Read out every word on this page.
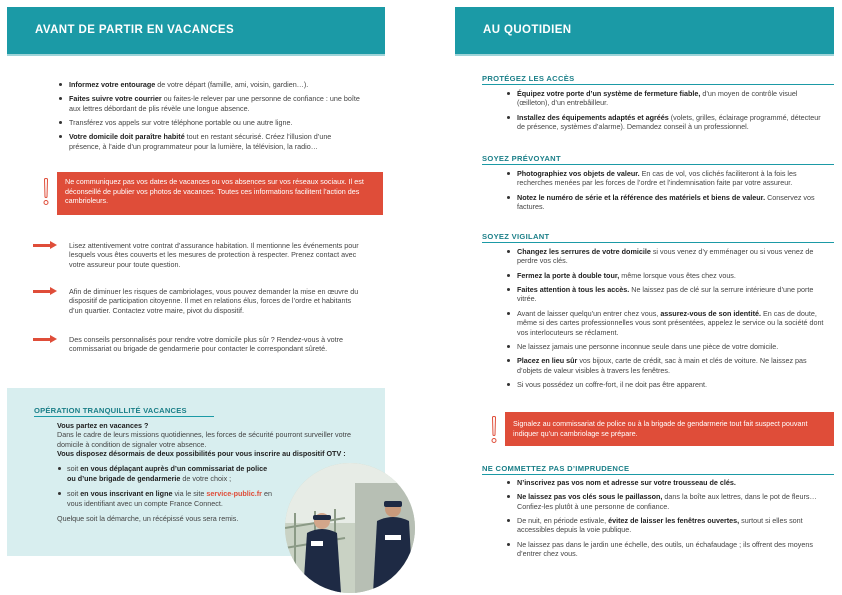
AVANT DE PARTIR EN VACANCES
Informez votre entourage de votre départ (famille, ami, voisin, gardien…).
Faites suivre votre courrier ou faites-le relever par une personne de confiance : une boîte aux lettres débordant de plis révèle une longue absence.
Transférez vos appels sur votre téléphone portable ou une autre ligne.
Votre domicile doit paraître habité tout en restant sécurisé. Créez l’illusion d’une présence, à l’aide d’un programmateur pour la lumière, la télévision, la radio…
Ne communiquez pas vos dates de vacances ou vos absences sur vos réseaux sociaux. Il est déconseillé de publier vos photos de vacances. Toutes ces informations facilitent l’action des cambrioleurs.
Lisez attentivement votre contrat d’assurance habitation. Il mentionne les événements pour lesquels vous êtes couverts et les mesures de protection à respecter. Prenez contact avec votre assureur pour toute question.
Afin de diminuer les risques de cambriolages, vous pouvez demander la mise en œuvre du dispositif de participation citoyenne. Il met en relations élus, forces de l’ordre et habitants d’un quartier. Contactez votre maire, pivot du dispositif.
Des conseils personnalisés pour rendre votre domicile plus sûr ? Rendez-vous à votre commissariat ou brigade de gendarmerie pour contacter le correspondant sûreté.
OPÉRATION TRANQUILLITÉ VACANCES

Vous partez en vacances ?

Dans le cadre de leurs missions quotidiennes, les forces de sécurité pourront surveiller votre domicile à condition de signaler votre absence.

Vous disposez désormais de deux possibilités pour vous inscrire au dispositif OTV :

soit en vous déplaçant auprès d’un commissariat de police ou d’une brigade de gendarmerie de votre choix ;
soit en vous inscrivant en ligne via le site service-public.fr en vous identifiant avec un compte France Connect.

Quelque soit la démarche, un récépissé vous sera remis.

AU QUOTIDIEN
PROTÉGEZ LES ACCÈS
Équipez votre porte d’un système de fermeture fiable, d’un moyen de contrôle visuel (œilleton), d’un entrebâilleur.
Installez des équipements adaptés et agréés (volets, grilles, éclairage programmé, détecteur de présence, systèmes d’alarme). Demandez conseil à un professionnel.
SOYEZ PRÉVOYANT
Photographiez vos objets de valeur. En cas de vol, vos clichés faciliteront à la fois les recherches menées par les forces de l’ordre et l’indemnisation faite par votre assureur.
Notez le numéro de série et la référence des matériels et biens de valeur. Conservez vos factures.
SOYEZ VIGILANT
Changez les serrures de votre domicile si vous venez d’y emménager ou si vous venez de perdre vos clés.
Fermez la porte à double tour, même lorsque vous êtes chez vous.
Faites attention à tous les accès. Ne laissez pas de clé sur la serrure intérieure d’une porte vitrée.
Avant de laisser quelqu’un entrer chez vous, assurez-vous de son identité. En cas de doute, même si des cartes professionnelles vous sont présentées, appelez le service ou la société dont vos interlocuteurs se réclament.
Ne laissez jamais une personne inconnue seule dans une pièce de votre domicile.
Placez en lieu sûr vos bijoux, carte de crédit, sac à main et clés de voiture. Ne laissez pas d’objets de valeur visibles à travers les fenêtres.
Si vous possédez un coffre-fort, il ne doit pas être apparent.
Signalez au commissariat de police ou à la brigade de gendarmerie tout fait suspect pouvant indiquer qu’un cambriolage se prépare.
NE COMMETTEZ PAS D’IMPRUDENCE
N’inscrivez pas vos nom et adresse sur votre trousseau de clés.
Ne laissez pas vos clés sous le paillasson, dans la boîte aux lettres, dans le pot de fleurs… Confiez-les plutôt à une personne de confiance.
De nuit, en période estivale, évitez de laisser les fenêtres ouvertes, surtout si elles sont accessibles depuis la voie publique.
Ne laissez pas dans le jardin une échelle, des outils, un échafaudage ; ils offrent des moyens d’entrer chez vous.
